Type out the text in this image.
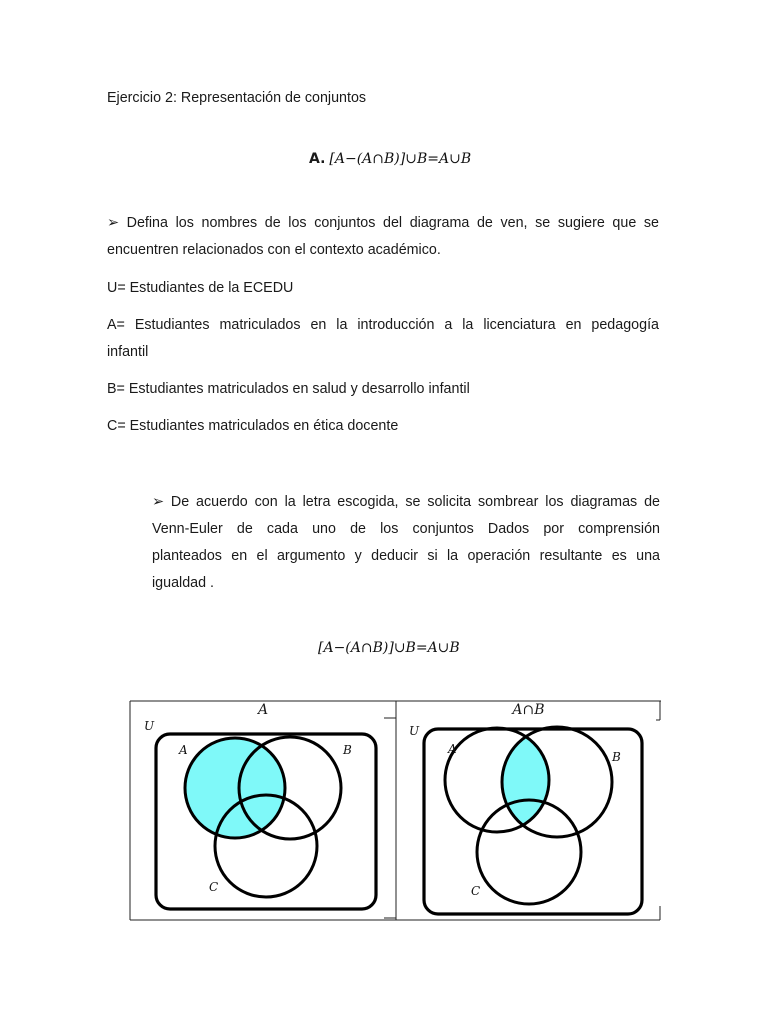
Ejercicio 2: Representación de conjuntos
A. [A−(A∩B)]∪B=A∪B
➢ Defina los nombres de los conjuntos del diagrama de ven, se sugiere que se
encuentren relacionados con el contexto académico.
U= Estudiantes de la ECEDU
A= Estudiantes matriculados en la introducción a la licenciatura en pedagogía
infantil
B= Estudiantes matriculados en salud y desarrollo infantil
C= Estudiantes matriculados en ética docente
➢ De acuerdo con la letra escogida, se solicita sombrear los diagramas de
Venn-Euler de cada uno de los conjuntos Dados por comprensión
planteados en el argumento y deducir si la operación resultante es una
igualdad .
[A−(A∩B)]∪B=A∪B
A	A∩B
U
A	B
C
U
A
B
C
